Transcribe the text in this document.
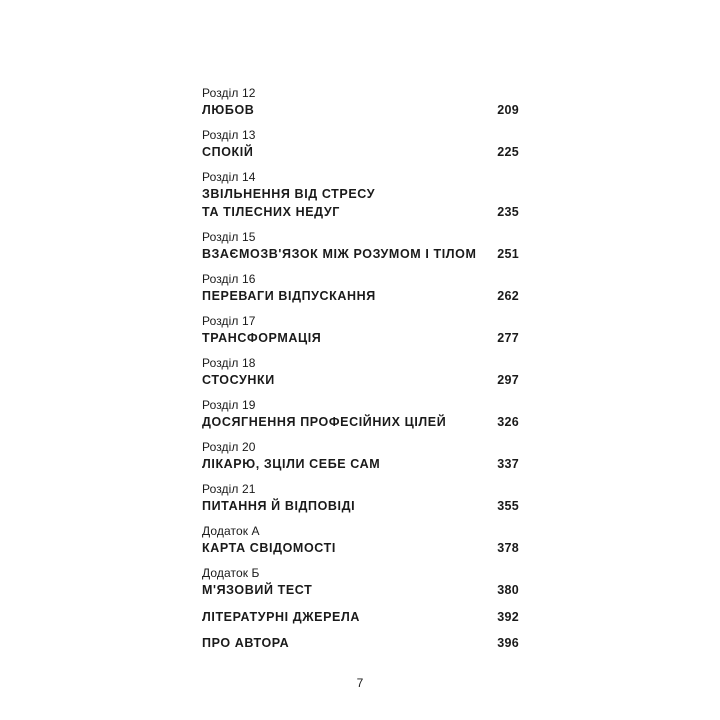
Розділ 12

ЛЮБОВ	209

Розділ 13

СПОКІЙ	225

Розділ 14

ЗВІЛЬНЕННЯ ВІД СТРЕСУ
ТА ТІЛЕСНИХ НЕДУГ	235

Розділ 15

ВЗАЄМОЗВ'ЯЗОК МІЖ РОЗУМОМ І ТІЛОМ 251

Розділ 16

ПЕРЕВАГИ ВІДПУСКАННЯ	262

Розділ 17

ТРАНСФОРМАЦІЯ	277

Розділ 18

СТОСУНКИ	297

Розділ 19

ДОСЯГНЕННЯ ПРОФЕСІЙНИХ ЦІЛЕЙ	326

Розділ 20

ЛІКАРЮ, ЗЦІЛИ СЕБЕ САМ	337

Розділ 21

ПИТАННЯ Й ВІДПОВІДІ	355

Додаток А

КАРТА СВІДОМОСТІ	378

Додаток Б

М'ЯЗОВИЙ ТЕСТ	380
ЛІТЕРАТУРНІ ДЖЕРЕЛА	392
ПРО АВТОРА	396
7
